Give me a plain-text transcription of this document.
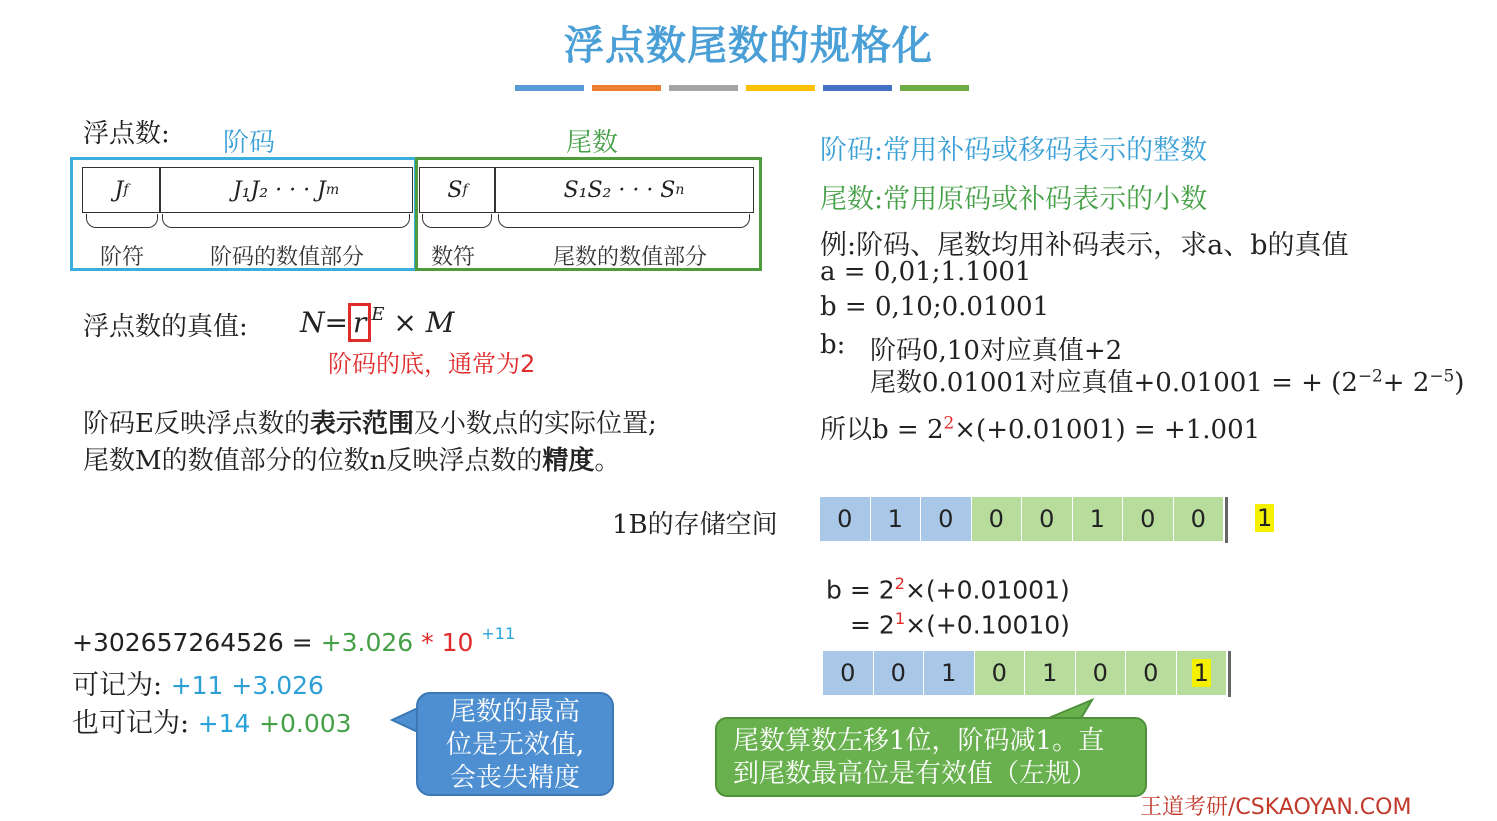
浮点数尾数的规格化
浮点数: 阶码	尾数
J f	J₁J₂ · · · J m	S f	S₁S₂ · · · S n
阶符	阶码的数值部分	数符	尾数的数值部分
浮点数的真值: N= r $^E$ × M
阶码的底，通常为2
阶码E反映浮点数的表示范围及小数点的实际位置;
尾数M的数值部分的位数n反映浮点数的精度。
+302657264526 = +3.026 * 10 $^{+11}$
可记为: +11 +3.026
也可记为: +14 +0.003	尾数的最高
位是无效值,
会丧失精度
阶码:常用补码或移码表示的整数
尾数:常用原码或补码表示的小数
例:阶码、尾数均用补码表示，求a、b的真值
a = 0,01;1.1001
b = 0,10;0.01001
b: 阶码0,10对应真值+2
尾数0.01001对应真值+0.01001 = + $(2^{-2}+ 2^{-5})$
所以$b = 2^2\times(+0.01001) = +1.001$
1B的存储空间	0	1	0	0	0	1	0	0	1
$b = 2^2\times(+0.01001)$
= $2^1\times(+0.10010)$
0	0	1	0	1	0	0	1
尾数算数左移1位，阶码减1。直
到尾数最高位是有效值（左规）
王道考研/CSKAOYAN.COM
